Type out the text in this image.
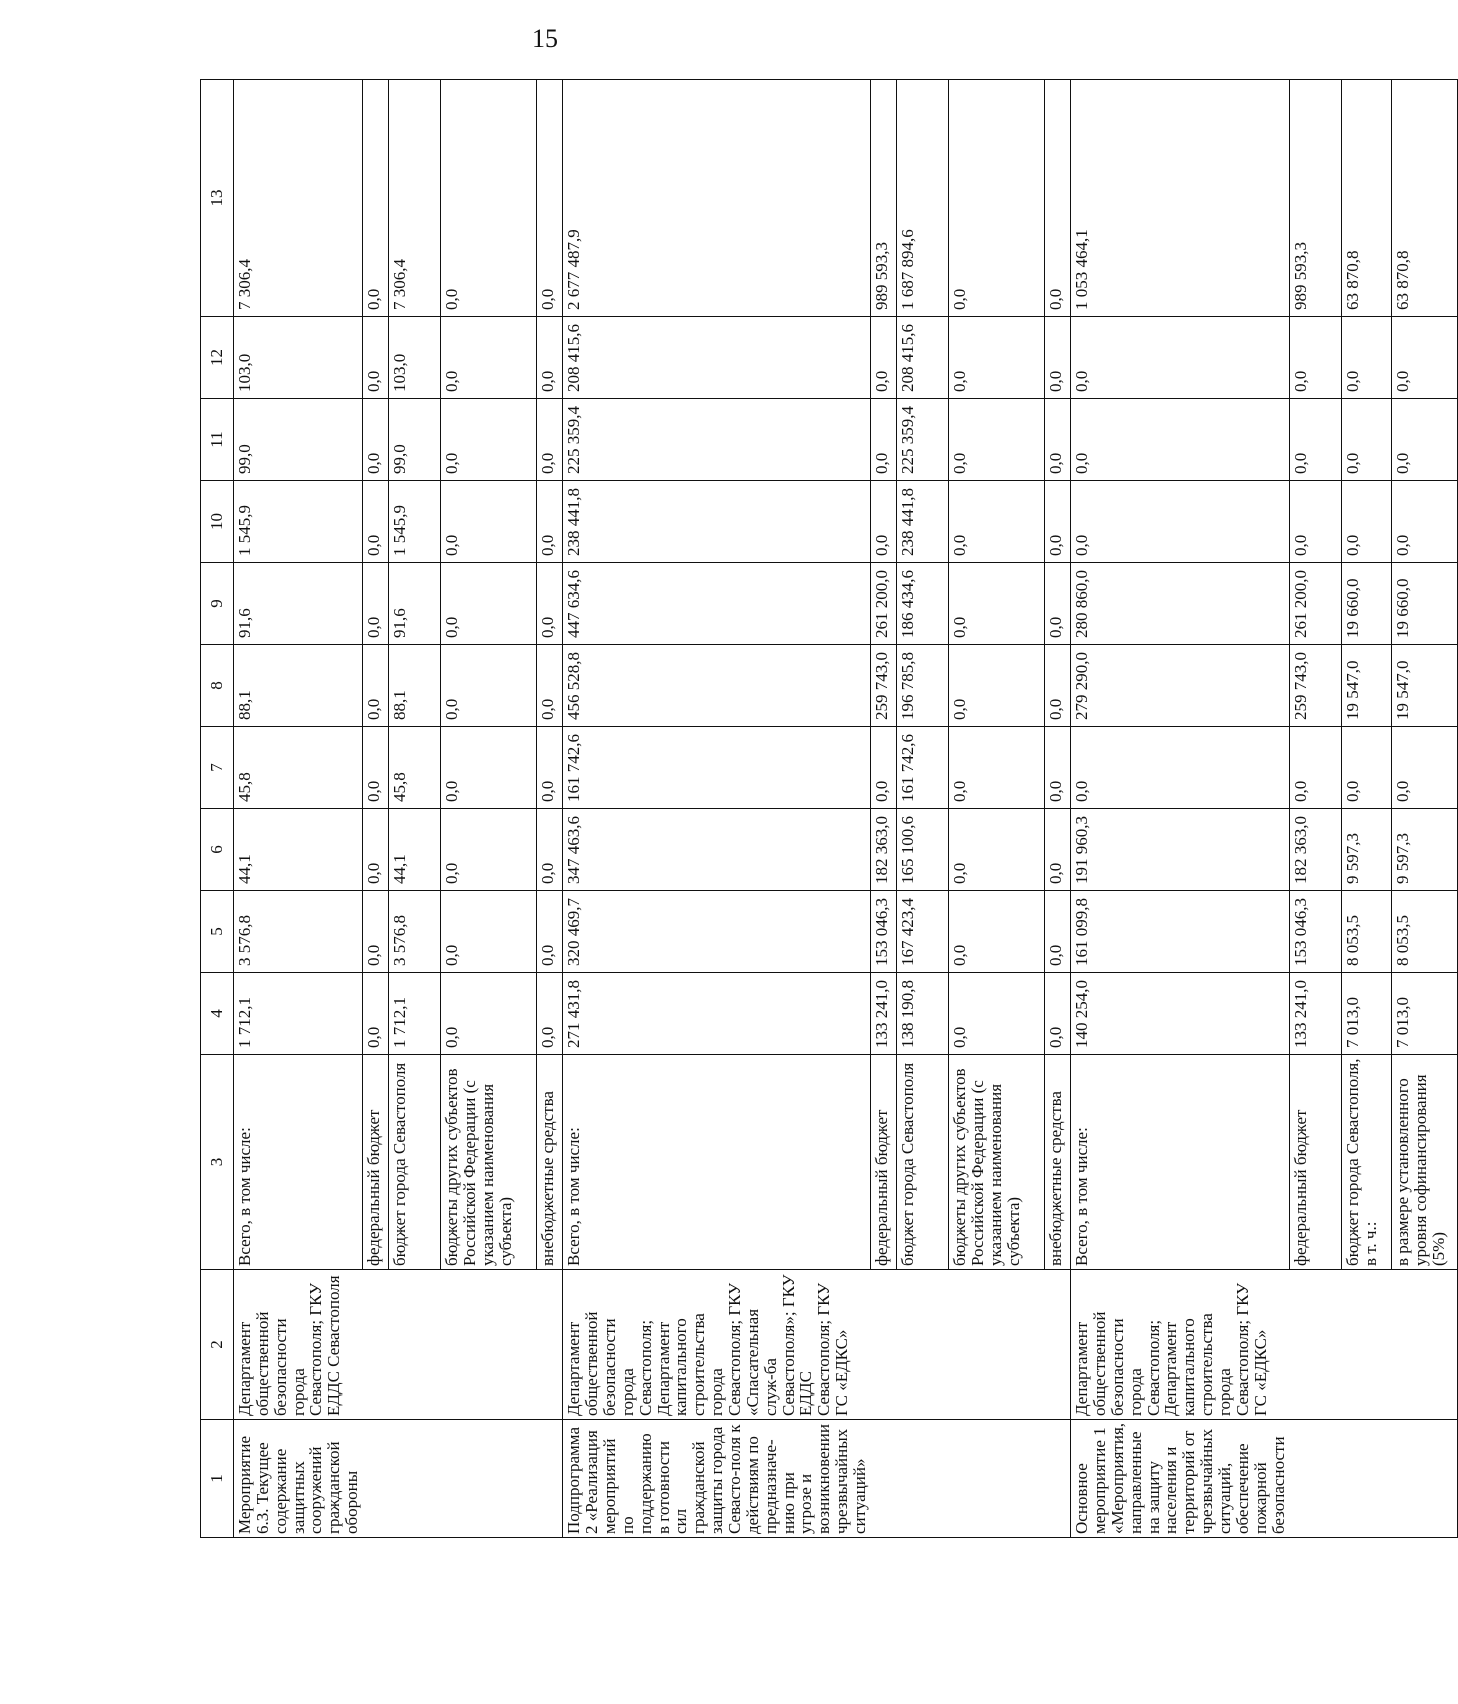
15
1	2	3	4	5	6	7	8	9	10	11	12	13
Мероприятие 6.3. Текущее содержание защитных сооружений гражданской обороны	Департамент общественной безопасности города Севастополя; ГКУ ЕДДС Севастополя	Всего, в том числе:	1 712,1	3 576,8	44,1	45,8	88,1	91,6	1 545,9	99,0	103,0	7 306,4
		федеральный бюджет	0,0	0,0	0,0	0,0	0,0	0,0	0,0	0,0	0,0	0,0
		бюджет города Севастополя	1 712,1	3 576,8	44,1	45,8	88,1	91,6	1 545,9	99,0	103,0	7 306,4
		бюджеты других субъектов Российской Федерации (с указанием наименования субъекта)	0,0	0,0	0,0	0,0	0,0	0,0	0,0	0,0	0,0	0,0
		внебюджетные средства	0,0	0,0	0,0	0,0	0,0	0,0	0,0	0,0	0,0	0,0
Подпрограмма 2 «Реализация мероприятий по поддержанию в готовности сил гражданской защиты города Севасто-поля к действиям по предназначе-нию при угрозе и возникновении чрезвычайных ситуаций»	Департамент общественной безопасности города Севастополя; Департамент капитального строительства города Севастополя; ГКУ «Спасательная служ-ба Севастополя»; ГКУ ЕДДС Севастополя; ГКУ ГС «ЕДКС»	Всего, в том числе:	271 431,8	320 469,7	347 463,6	161 742,6	456 528,8	447 634,6	238 441,8	225 359,4	208 415,6	2 677 487,9
		федеральный бюджет	133 241,0	153 046,3	182 363,0	0,0	259 743,0	261 200,0	0,0	0,0	0,0	989 593,3
		бюджет города Севастополя	138 190,8	167 423,4	165 100,6	161 742,6	196 785,8	186 434,6	238 441,8	225 359,4	208 415,6	1 687 894,6
		бюджеты других субъектов Российской Федерации (с указанием наименования субъекта)	0,0	0,0	0,0	0,0	0,0	0,0	0,0	0,0	0,0	0,0
		внебюджетные средства	0,0	0,0	0,0	0,0	0,0	0,0	0,0	0,0	0,0	0,0
Основное мероприятие 1 «Мероприятия, направленные на защиту населения и территорий от чрезвычайных ситуаций, обеспечение пожарной безопасности	Департамент общественной безопасности города Севастополя; Департамент капитального строительства города Севастополя; ГКУ ГС «ЕДКС»	Всего, в том числе:	140 254,0	161 099,8	191 960,3	0,0	279 290,0	280 860,0	0,0	0,0	0,0	1 053 464,1
		федеральный бюджет	133 241,0	153 046,3	182 363,0	0,0	259 743,0	261 200,0	0,0	0,0	0,0	989 593,3
		бюджет города Севастополя, в т. ч.:	7 013,0	8 053,5	9 597,3	0,0	19 547,0	19 660,0	0,0	0,0	0,0	63 870,8
		в размере установленного уровня софинансирования (5%)	7 013,0	8 053,5	9 597,3	0,0	19 547,0	19 660,0	0,0	0,0	0,0	63 870,8
